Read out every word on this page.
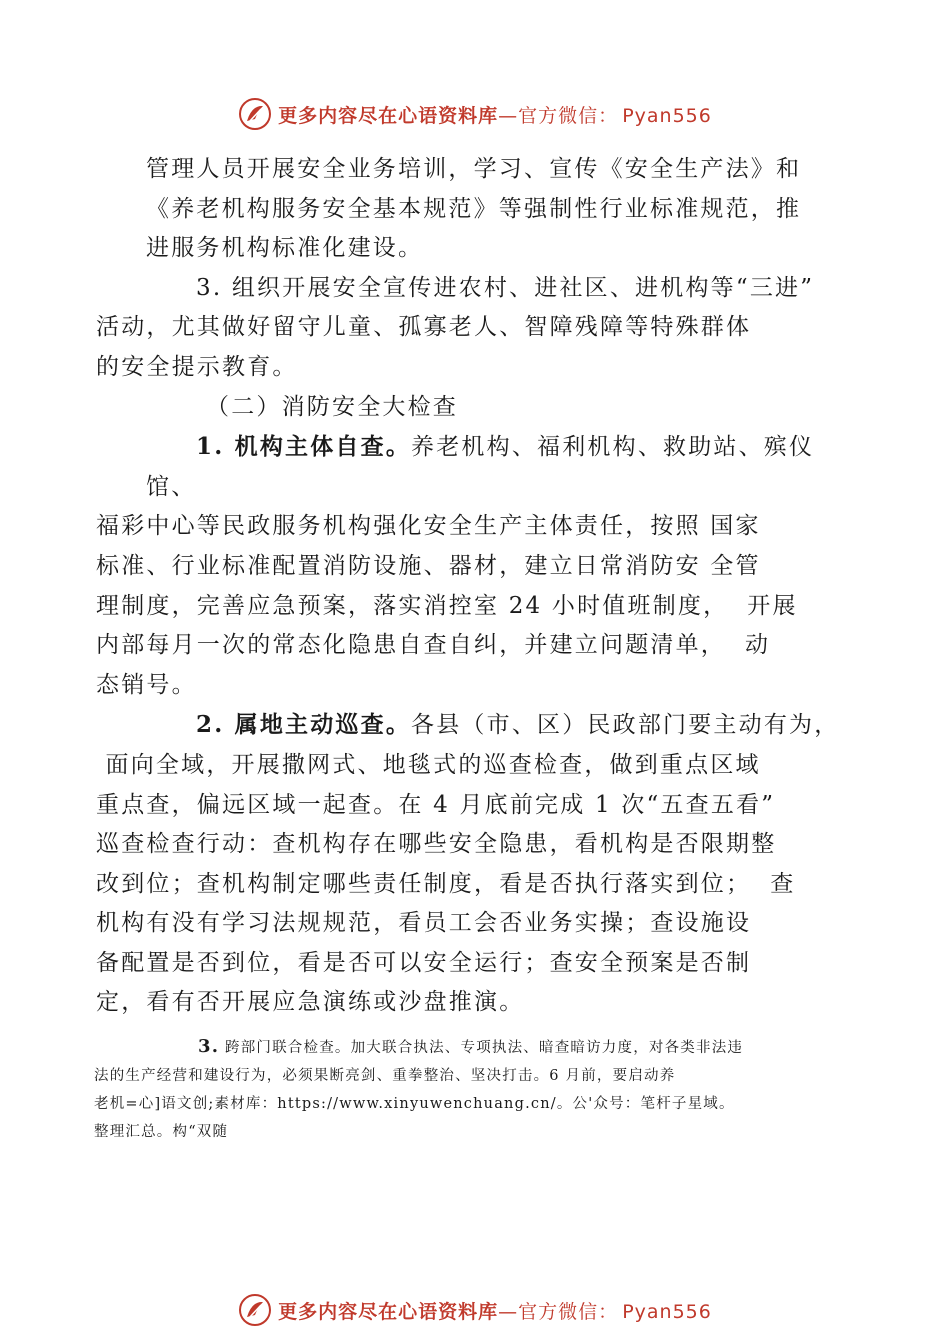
更多内容尽在心语资料库—官方微信： Pyan556

管理人员开展安全业务培训，学习、宣传《安全生产法》和
《养老机构服务安全基本规范》等强制性行业标准规范，推
进服务机构标准化建设。

3. 组织开展安全宣传进农村、进社区、进机构等“三进”
活动，尤其做好留守儿童、孤寡老人、智障残障等特殊群体
的安全提示教育。

（二）消防安全大检查

1. 机构主体自查。养老机构、福利机构、救助站、殡仪馆、
福彩中心等民政服务机构强化安全生产主体责任，按照 国家
标准、行业标准配置消防设施、器材，建立日常消防安 全管
理制度，完善应急预案，落实消控室 24 小时值班制度，  开展
内部每月一次的常态化隐患自查自纠，并建立问题清单，  动
态销号。

2. 属地主动巡查。各县（市、区）民政部门要主动有为，
面向全域，开展撒网式、地毯式的巡查检查，做到重点区域
重点查，偏远区域一起查。在 4 月底前完成 1 次“五查五看”
巡查检查行动：查机构存在哪些安全隐患，看机构是否限期整
改到位；查机构制定哪些责任制度，看是否执行落实到位；  查
机构有没有学习法规规范，看员工会否业务实操；查设施设
备配置是否到位，看是否可以安全运行；查安全预案是否制
定，看有否开展应急演练或沙盘推演。

3. 跨部门联合检查。加大联合执法、专项执法、暗查暗访力度，对各类非法违
法的生产经营和建设行为，必须果断亮剑、重拳整治、坚决打击。6 月前，要启动养
老机=心]语文创;素材库：https://www.xinyuwenchuang.cn/。公'众号：笔杆子星域。
整理汇总。构“双随

更多内容尽在心语资料库—官方微信： Pyan556
